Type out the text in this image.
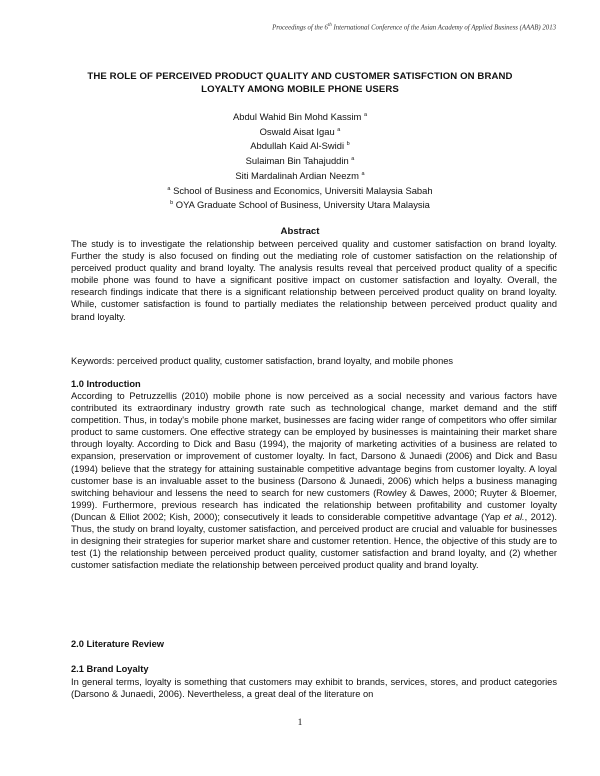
Proceedings of the 6th International Conference of the Asian Academy of Applied Business (AAAB) 2013
THE ROLE OF PERCEIVED PRODUCT QUALITY AND CUSTOMER SATISFCTION ON BRAND LOYALTY AMONG MOBILE PHONE USERS
Abdul Wahid Bin Mohd Kassim $^a$
Oswald Aisat Igau $^a$
Abdullah Kaid Al-Swidi $^b$
Sulaiman Bin Tahajuddin $^a$
Siti Mardalinah Ardian Neezm $^a$
$^a$ School of Business and Economics, Universiti Malaysia Sabah
$^b$ OYA Graduate School of Business, University Utara Malaysia
Abstract
The study is to investigate the relationship between perceived quality and customer satisfaction on brand loyalty. Further the study is also focused on finding out the mediating role of customer satisfaction on the relationship of perceived product quality and brand loyalty. The analysis results reveal that perceived product quality of a specific mobile phone was found to have a significant positive impact on customer satisfaction and loyalty. Overall, the research findings indicate that there is a significant relationship between perceived product quality on brand loyalty. While, customer satisfaction is found to partially mediates the relationship between perceived product quality and brand loyalty.
Keywords: perceived product quality, customer satisfaction, brand loyalty, and mobile phones
1.0 Introduction
According to Petruzzellis (2010) mobile phone is now perceived as a social necessity and various factors have contributed its extraordinary industry growth rate such as technological change, market demand and the stiff competition. Thus, in today's mobile phone market, businesses are facing wider range of competitors who offer similar product to same customers. One effective strategy can be employed by businesses is maintaining their market share through loyalty. According to Dick and Basu (1994), the majority of marketing activities of a business are related to expansion, preservation or improvement of customer loyalty. In fact, Darsono & Junaedi (2006) and Dick and Basu (1994) believe that the strategy for attaining sustainable competitive advantage begins from customer loyalty. A loyal customer base is an invaluable asset to the business (Darsono & Junaedi, 2006) which helps a business managing switching behaviour and lessens the need to search for new customers (Rowley & Dawes, 2000; Ruyter & Bloemer, 1999). Furthermore, previous research has indicated the relationship between profitability and customer loyalty (Duncan & Elliot 2002; Kish, 2000); consecutively it leads to considerable competitive advantage (Yap et al., 2012). Thus, the study on brand loyalty, customer satisfaction, and perceived product are crucial and valuable for businesses in designing their strategies for superior market share and customer retention. Hence, the objective of this study are to test (1) the relationship between perceived product quality, customer satisfaction and brand loyalty, and (2) whether customer satisfaction mediate the relationship between perceived product quality and brand loyalty.
2.0 Literature Review
2.1 Brand Loyalty
In general terms, loyalty is something that customers may exhibit to brands, services, stores, and product categories (Darsono & Junaedi, 2006). Nevertheless, a great deal of the literature on
1
